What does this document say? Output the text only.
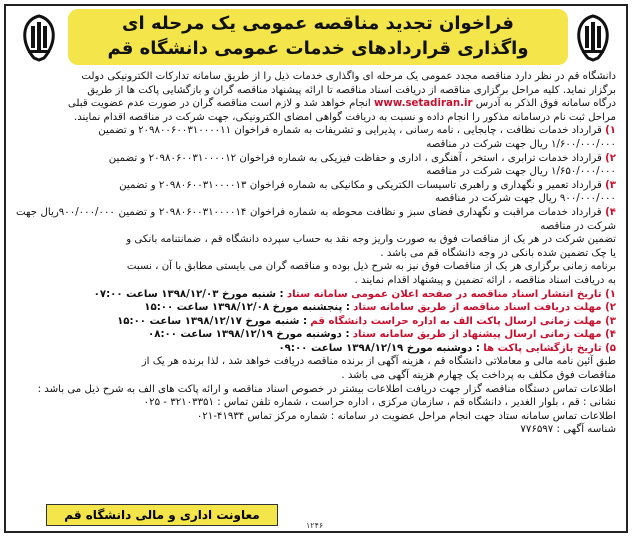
فراخوان تجدید مناقصه عمومی یک مرحله ای
واگذاری قراردادهای خدمات عمومی دانشگاه قم

دانشگاه قم در نظر دارد مناقصه مجدد عمومی یک مرحله ای واگذاری خدمات ذیل را از طریق سامانه تدارکات الکترونیکی دولت

برگزار نماید. کلیه مراحل برگزاری مناقصه از دریافت اسناد مناقصه تا ارائه پیشنهاد مناقصه گران و بازگشایی پاکت ها از طریق

درگاه سامانه فوق الذکر به آدرس www.setadiran.ir انجام خواهد شد و لازم است مناقصه گران در صورت عدم عضویت قبلی

مراحل ثبت نام درسامانه مذکور را انجام داده و نسبت به دریافت گواهی امضای الکترونیکی، جهت شرکت در مناقصه اقدام نمایند.

۱) قرارداد خدمات نظافت ، چابجایی ، نامه رسانی ، پذیرایی و تشریفات به شماره فراخوان ۲۰۹۸۰۰۶۰۰۳۱۰۰۰۰۱۱ و تضمین

۱/۶۰۰/۰۰۰/۰۰۰ ریال جهت شرکت در مناقصه

۲) قرارداد خدمات ترابری ، استخر ، آهنگری ، اداری و حفاظت فیزیکی به شماره فراخوان ۲۰۹۸۰۶۰۰۳۱۰۰۰۰۱۲ و تضمین

۱/۶۵۰/۰۰۰/۰۰۰ ریال جهت شرکت در مناقصه

۳) قرارداد تعمیر و نگهداری و راهبری تاسیسات الکتریکی و مکانیکی به شماره فراخوان ۲۰۹۸۰۶۰۰۳۱۰۰۰۰۱۳ و تضمین

۹۰۰/۰۰۰/۰۰۰ ریال جهت شرکت در مناقصه

۴) قرارداد خدمات مراقبت و نگهداری فضای سبز و نظافت محوطه به شماره فراخوان ۲۰۹۸۰۶۰۰۳۱۰۰۰۰۱۴ و تضمین ۹۰۰/۰۰۰/۰۰۰ریال جهت شرکت در مناقصه

تضمین شرکت در هر یک از مناقصات فوق به صورت واریز وجه نقد به حساب سپرده دانشگاه قم ، ضمانتنامه بانکی و

یا چک تضمین شده بانکی در وجه دانشگاه قم می باشد .

برنامه زمانی برگزاری هر یک از مناقصات فوق نیز به شرح ذیل بوده و مناقصه گران می بایستی مطابق با آن ، نسبت

به دریافت اسناد مناقصه ، ارائه تضمین و پیشنهاد اقدام نمایند .

۱) تاریخ انتشار اسناد مناقصه در صفحه اعلان عمومی سامانه ستاد : شنبه مورخ ۱۳۹۸/۱۲/۰۳ ساعت ۰۷:۰۰

۲) مهلت دریافت اسناد مناقصه از طریق سامانه ستاد : پنجشنبه مورخ ۱۳۹۸/۱۲/۰۸ ساعت ۱۵:۰۰

۳) مهلت زمانی ارسال پاکت الف به اداره حراست دانشگاه قم : شنبه مورخ ۱۳۹۸/۱۲/۱۷ ساعت ۱۵:۰۰

۴) مهلت زمانی ارسال پیشنهاد از طریق سامانه ستاد : دوشنبه مورخ ۱۳۹۸/۱۲/۱۹ ساعت ۰۸:۰۰

۵) تاریخ بازگشایی پاکت ها : دوشنبه مورخ ۱۳۹۸/۱۲/۱۹ ساعت ۰۹:۰۰

طبق آئین نامه مالی و معاملاتی دانشگاه قم ، هزینه آگهی از برنده مناقصه دریافت خواهد شد ، لذا برنده هر یک از

مناقصات فوق مکلف به پرداخت یک چهارم هزینه آگهی می باشد .

اطلاعات تماس دستگاه مناقصه گزار جهت دریافت اطلاعات بیشتر در خصوص اسناد مناقصه و ارائه پاکت های الف به شرح ذیل می باشد :

نشانی : قم ، بلوار الغدیر ، دانشگاه قم ، سازمان مرکزی ، اداره حراست ، شماره تلفن تماس : ۳۲۱۰۳۳۵۱ - ۰۲۵

اطلاعات تماس سامانه ستاد جهت انجام مراحل عضویت در سامانه : شماره مرکز تماس ۴۱۹۳۴-۰۲۱

شناسه آگهی : ۷۷۶۵۹۷

معاونت اداری و مالی دانشگاه قم
۱۲۴۶
